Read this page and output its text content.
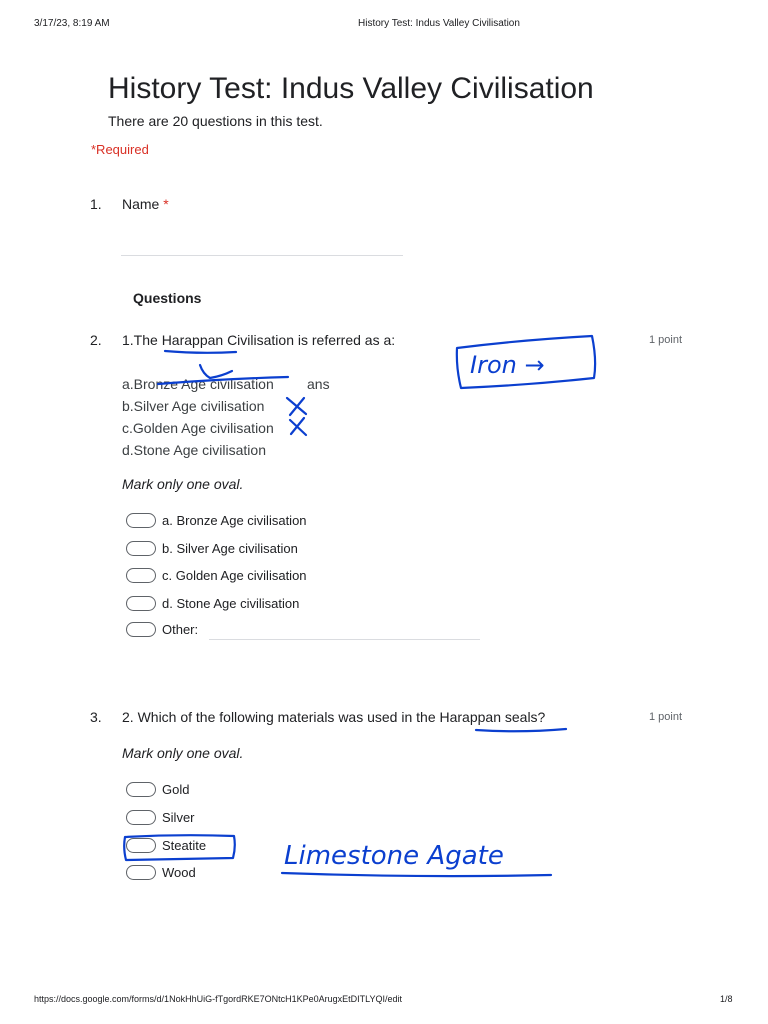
3/17/23, 8:19 AM	History Test: Indus Valley Civilisation
History Test: Indus Valley Civilisation
There are 20 questions in this test.
*Required
1. Name *
Questions
2. 1.The Harappan Civilisation is referred as a:	1 point
a.Bronze Age civilisation ans
b.Silver Age civilisation
c.Golden Age civilisation
d.Stone Age civilisation
Mark only one oval.
a. Bronze Age civilisation
b. Silver Age civilisation
c. Golden Age civilisation
d. Stone Age civilisation
Other:
3. 2. Which of the following materials was used in the Harappan seals?	1 point
Mark only one oval.
Gold
Silver
Steatite
Wood
Iron →
Limestone Agate
https://docs.google.com/forms/d/1NokHhUiG-fTgordRKE7ONtcH1KPe0ArugxEtDITLYQI/edit	1/8
